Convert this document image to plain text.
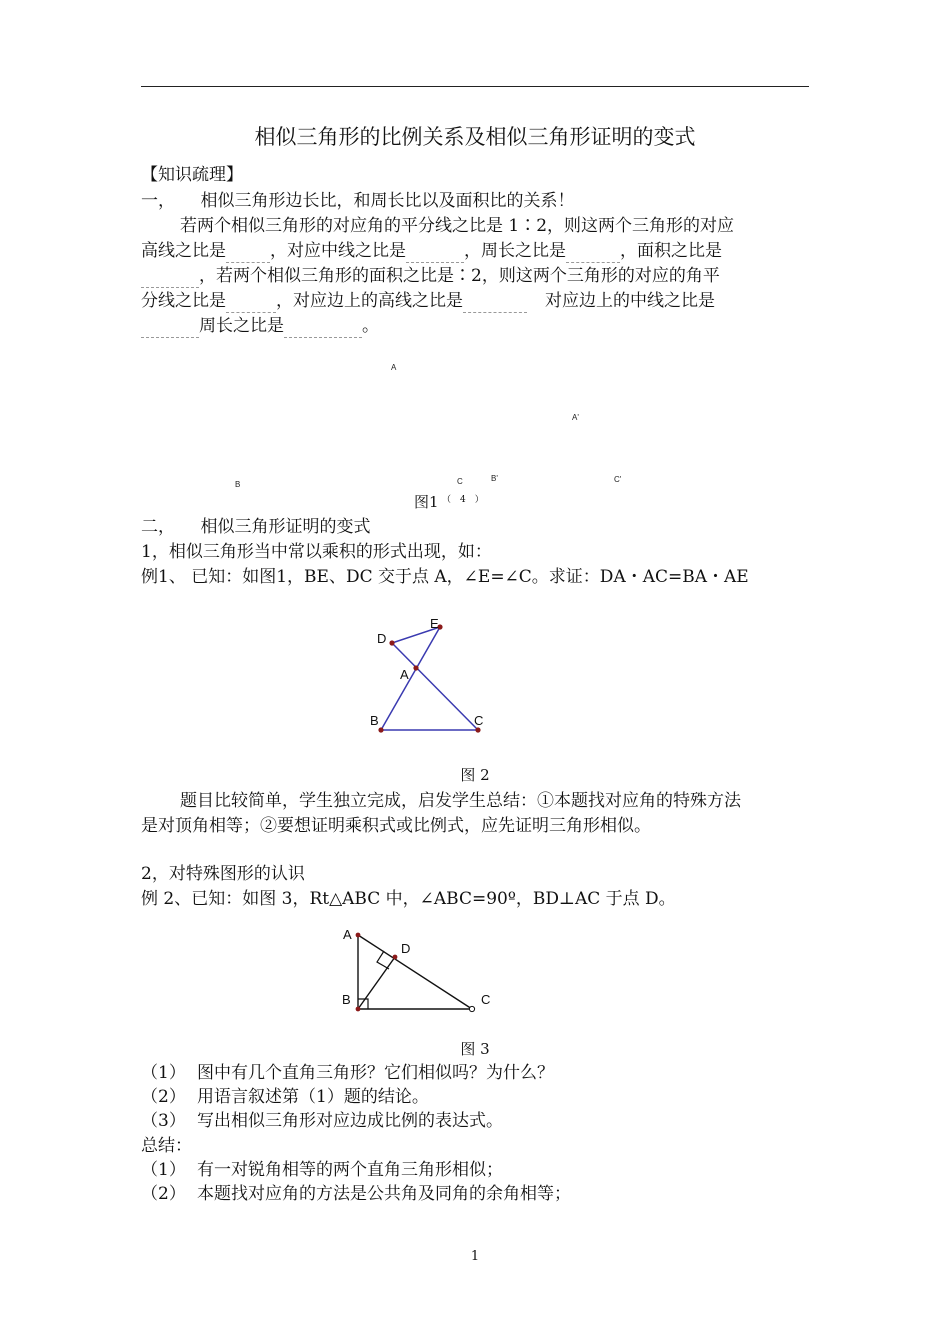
相似三角形的比例关系及相似三角形证明的变式
【知识疏理】
一，　　相似三角形边长比，和周长比以及面积比的关系！
若两个相似三角形的对应角的平分线之比是 1∶2，则这两个三角形的对应
高线之比是	，对应中线之比是	，周长之比是	，面积之比是
，若两个相似三角形的面积之比是∶2，则这两个三角形的对应的角平
分线之比是	，对应边上的高线之比是	对应边上的中线之比是
周长之比是	。
A
A'
B	C	B'	C'
图1 （　4　）
二，　　相似三角形证明的变式
1，相似三角形当中常以乘积的形式出现，如：
例1、 已知：如图1，BE、DC 交于点 A，∠E=∠C。求证：DA・AC=BA・AE
D
E
A
B	C
图 2
题目比较简单，学生独立完成，启发学生总结：①本题找对应角的特殊方法
是对顶角相等；②要想证明乘积式或比例式，应先证明三角形相似。
2，对特殊图形的认识
例 2、已知：如图 3，Rt△ABC 中，∠ABC=90º，BD⊥AC 于点 D。
A
D
B	C
图 3
（1） 图中有几个直角三角形？它们相似吗？为什么？
（2） 用语言叙述第（1）题的结论。
（3） 写出相似三角形对应边成比例的表达式。
总结：
（1） 有一对锐角相等的两个直角三角形相似；
（2） 本题找对应角的方法是公共角及同角的余角相等；
1
